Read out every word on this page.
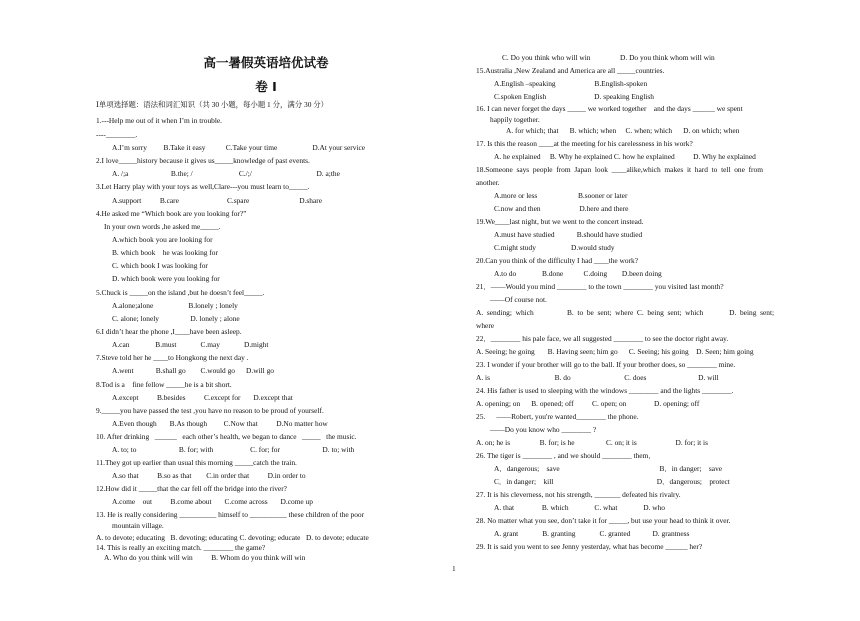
高一暑假英语培优试卷
卷 I
Ⅰ单项选择题：语法和词汇知识（共 30 小题，每小题 1 分，满分 30 分）
1.---Help me out of it when I’m in trouble.
----________.
A.I’m sorry         B.Take it easy           C.Take your time                   D.At your service
2.I love_____history because it gives us_____knowledge of past events.
A. /;a                       B.the; /                         C./;/                                   D. a;the
3.Let Harry play with your toys as well,Clare---you must learn to_____.
A.support          B.care                          C.spare                           D.share
4.He asked me “Which book are you looking for?”
In your own words ,he asked me_____.
A.which book you are looking for
B. which book    he was looking for
C. which book I was looking for
D. which book were you looking for
5.Chuck is _____on the island ,but he doesn’t feel_____.
A.alone;alone                   B.lonely ; lonely
C. alone; lonely                 D. lonely ; alone
6.I didn’t hear the phone ,I____have been asleep.
A.can              B.must             C.may             D.might
7.Steve told her he ____to Hongkong the next day .
A.went            B.shall go        C.would go      D.will go
8.Tod is a    fine fellow _____he is a bit short.
A.except          B.besides          C.except for       D.except that
9._____you have passed the test ,you have no reason to be proud of yourself.
A.Even though       B.As though         C.Now that          D.No matter how
10. After drinking   ______   each other’s health, we began to dance   _____   the music.
A. to; to                       B. for; with                    C. for; for                       D. to; with
11.They got up earlier than usual this morning _____catch the train.
A.so that          B.so as that        C.in order that          D.in order to
12.How did it _____that the car fell off the bridge into the river?
A.come    out          B.come about       C.come across       D.come up
13. He is really considering __________ himself to __________ these children of the poor
mountain village.
A. to devote; educating   B. devoting; educating C. devoting; educate   D. to devote; educate
14. This is really an exciting match. ________ the game?
A. Who do you think will win          B. Whom do you think will win
C. Do you think who will win                D. Do you think whom will win
15.Australia ,New Zealand and America are all _____countries.
A.English –speaking                     B.English-spoken
C.spoken English                          D. speaking English
16. I can never forget the days _____ we worked together    and the days ______ we spent
happily together.
A. for which; that      B. which; when     C. when; which      D. on which; when
17. Is this the reason ____at the meeting for his carelessness in his work?
A. he explained     B. Why he explained C. how he explained          D. Why he explained
18.Someone  says  people  from  Japan  look  ____alike,which  makes  it  hard  to  tell  one  from
another.
A.more or less                      B.sooner or later
C.now and then                     D.here and there
19.We____last night, but we went to the concert instead.
A.must have studied            B.should have studied
C.might study                   D.would study
20.Can you think of the difficulty I had ____the work?
A.to do              B.done           C.doing        D.been doing
21．——Would you mind ________ to the town ________ you visited last month?
——Of course not.
A.  sending;  which                  B.  to  be  sent;  where  C.  being  sent;  which              D.  being  sent;
where
22．________ his pale face, we all suggested ________ to see the doctor right away.
A. Seeing; he going       B. Having seen; him go      C. Seeing; his going    D. Seen; him going
23. I wonder if your brother will go to the ball. If your brother does, so ________ mine.
A. is                                   B. do                             C. does                            D. will
24. His father is used to sleeping with the windows ________ and the lights ________.
A. opening; on      B. opened; off          C. open; on               D. opening; off
25.      ——Robert, you're wanted________ the phone.
——Do you know who ________ ?
A. on; he is                B. for; is he                 C. on; it is                     D. for; it is
26. The tiger is ________ , and we should ________ them．
A．dangerous;    save                                                      B．in danger;    save
C．in danger;    kill                                                        D．dangerous;    protect
27. It is his cleverness, not his strength, _______ defeated his rivalry.
A. that               B. which              C. what              D. who
28. No matter what you see, don’t take it for _____, but use your head to think it over.
A. grant             B. granting             C. granted            D. grantness
29. It is said you went to see Jenny yesterday, what has become ______ her?
1
